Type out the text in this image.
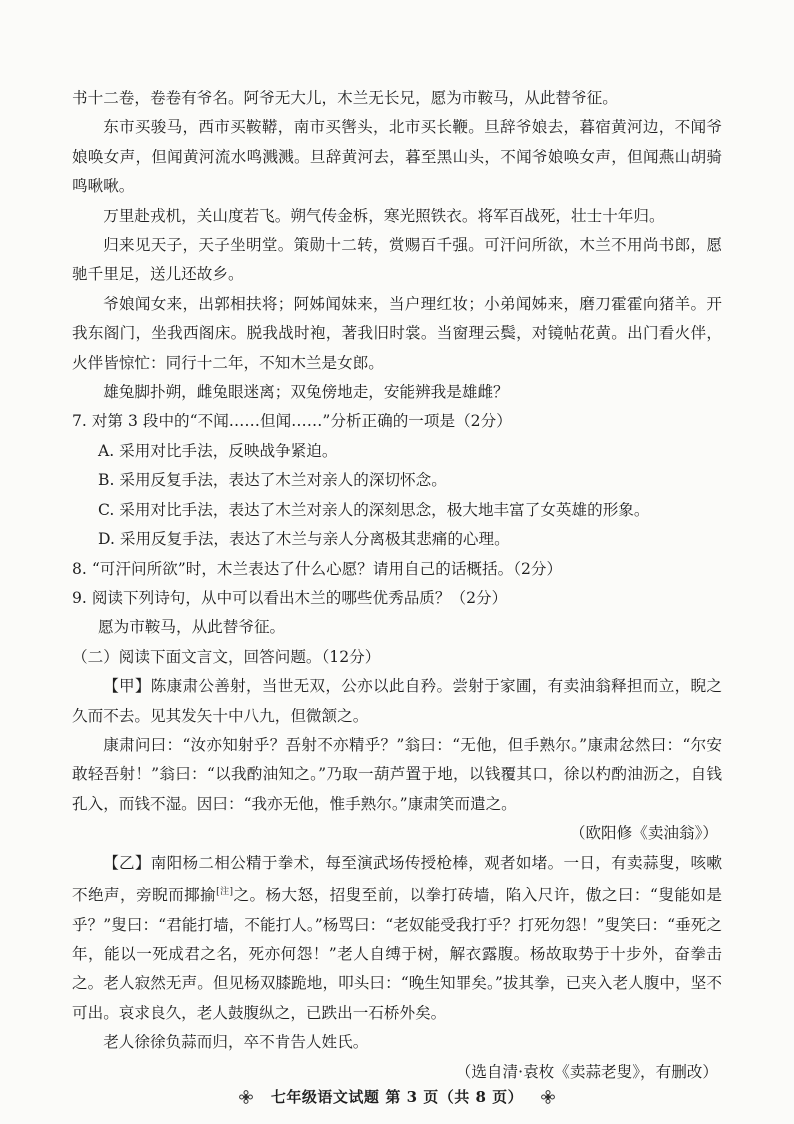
书十二卷，卷卷有爷名。阿爷无大儿，木兰无长兄，愿为市鞍马，从此替爷征。

东市买骏马，西市买鞍鞯，南市买辔头，北市买长鞭。旦辞爷娘去，暮宿黄河边，不闻爷娘唤女声，但闻黄河流水鸣溅溅。旦辞黄河去，暮至黑山头，不闻爷娘唤女声，但闻燕山胡骑鸣啾啾。

万里赴戎机，关山度若飞。朔气传金柝，寒光照铁衣。将军百战死，壮士十年归。

归来见天子，天子坐明堂。策勋十二转，赏赐百千强。可汗问所欲，木兰不用尚书郎，愿驰千里足，送儿还故乡。

爷娘闻女来，出郭相扶将；阿姊闻妹来，当户理红妆；小弟闻姊来，磨刀霍霍向猪羊。开我东阁门，坐我西阁床。脱我战时袍，著我旧时裳。当窗理云鬓，对镜帖花黄。出门看火伴，火伴皆惊忙：同行十二年，不知木兰是女郎。

雄兔脚扑朔，雌兔眼迷离；双兔傍地走，安能辨我是雄雌？

7. 对第 3 段中的“不闻……但闻……”分析正确的一项是（2分）

A. 采用对比手法，反映战争紧迫。

B. 采用反复手法，表达了木兰对亲人的深切怀念。

C. 采用对比手法，表达了木兰对亲人的深刻思念，极大地丰富了女英雄的形象。

D. 采用反复手法，表达了木兰与亲人分离极其悲痛的心理。

8. “可汗问所欲”时，木兰表达了什么心愿？请用自己的话概括。（2分）

9. 阅读下列诗句，从中可以看出木兰的哪些优秀品质？（2分）

愿为市鞍马，从此替爷征。

（二）阅读下面文言文，回答问题。（12分）

【甲】陈康肃公善射，当世无双，公亦以此自矜。尝射于家圃，有卖油翁释担而立，睨之久而不去。见其发矢十中八九，但微颔之。

康肃问曰：“汝亦知射乎？吾射不亦精乎？”翁曰：“无他，但手熟尔。”康肃忿然曰：“尔安敢轻吾射！”翁曰：“以我酌油知之。”乃取一葫芦置于地，以钱覆其口，徐以杓酌油沥之，自钱孔入，而钱不湿。因曰：“我亦无他，惟手熟尔。”康肃笑而遣之。

（欧阳修《卖油翁》）

【乙】南阳杨二相公精于拳术，每至演武场传授枪棒，观者如堵。一日，有卖蒜叟，咳嗽不绝声，旁睨而揶揄[注]之。杨大怒，招叟至前，以拳打砖墙，陷入尺许，傲之曰：“叟能如是乎？”叟曰：“君能打墙，不能打人。”杨骂曰：“老奴能受我打乎？打死勿怨！”叟笑曰：“垂死之年，能以一死成君之名，死亦何怨！”老人自缚于树，解衣露腹。杨故取势于十步外，奋拳击之。老人寂然无声。但见杨双膝跪地，叩头曰：“晚生知罪矣。”拔其拳，已夹入老人腹中，坚不可出。哀求良久，老人鼓腹纵之，已跌出一石桥外矣。

老人徐徐负蒜而归，卒不肯告人姓氏。

（选自清·袁枚《卖蒜老叟》，有删改）

七年级语文试题 第 3 页（共 8 页）
